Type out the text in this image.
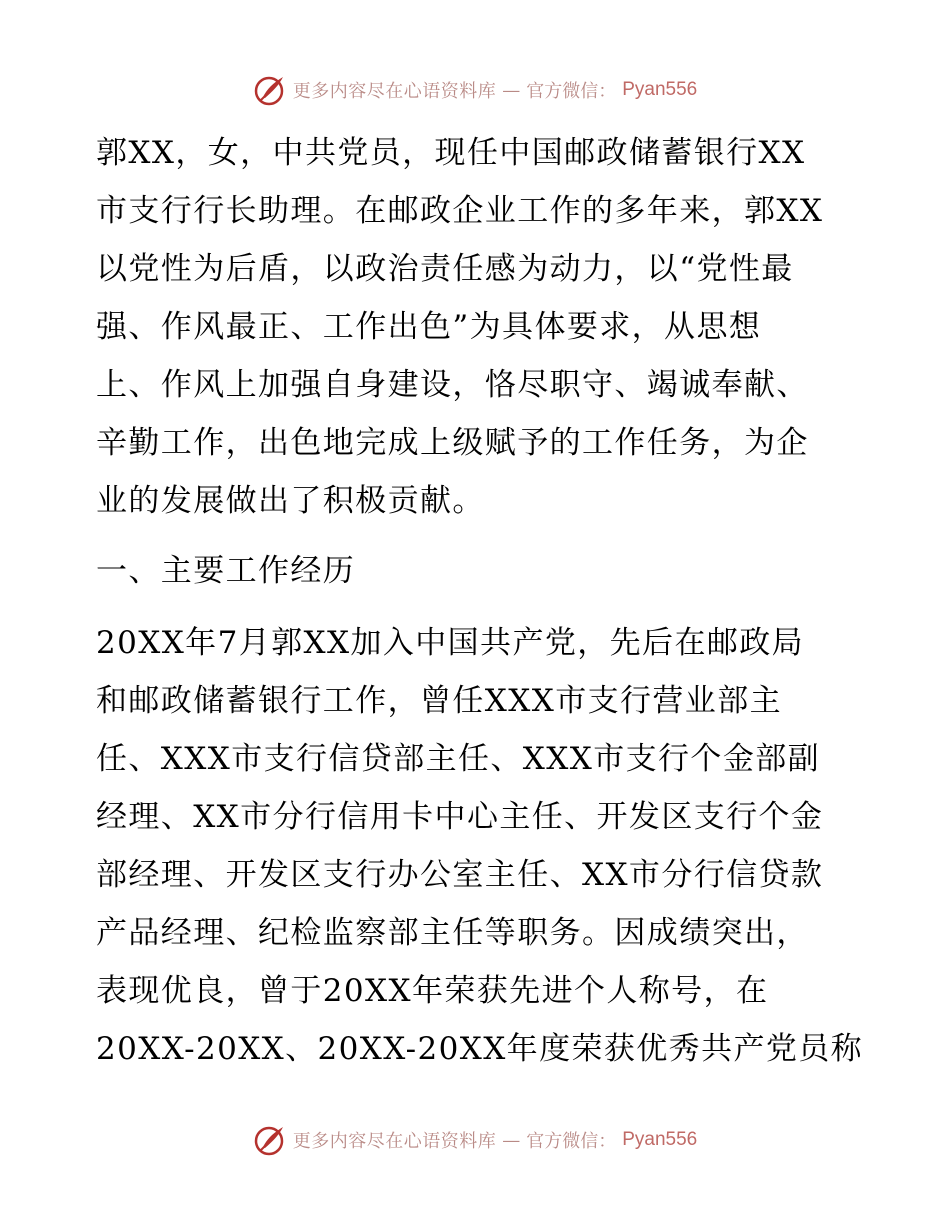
更多内容尽在心语资料库 — 官方微信： Pyan556

郭XX，女，中共党员，现任中国邮政储蓄银行XX
市支行行长助理。在邮政企业工作的多年来，郭XX
以党性为后盾，以政治责任感为动力，以“党性最
强、作风最正、工作出色”为具体要求，从思想
上、作风上加强自身建设，恪尽职守、竭诚奉献、
辛勤工作，出色地完成上级赋予的工作任务，为企
业的发展做出了积极贡献。

一、主要工作经历

20XX年7月郭XX加入中国共产党，先后在邮政局
和邮政储蓄银行工作，曾任XXX市支行营业部主
任、XXX市支行信贷部主任、XXX市支行个金部副
经理、XX市分行信用卡中心主任、开发区支行个金
部经理、开发区支行办公室主任、XX市分行信贷款
产品经理、纪检监察部主任等职务。因成绩突出，
表现优良，曾于20XX年荣获先进个人称号，在
20XX-20XX、20XX-20XX年度荣获优秀共产党员称

更多内容尽在心语资料库 — 官方微信： Pyan556
